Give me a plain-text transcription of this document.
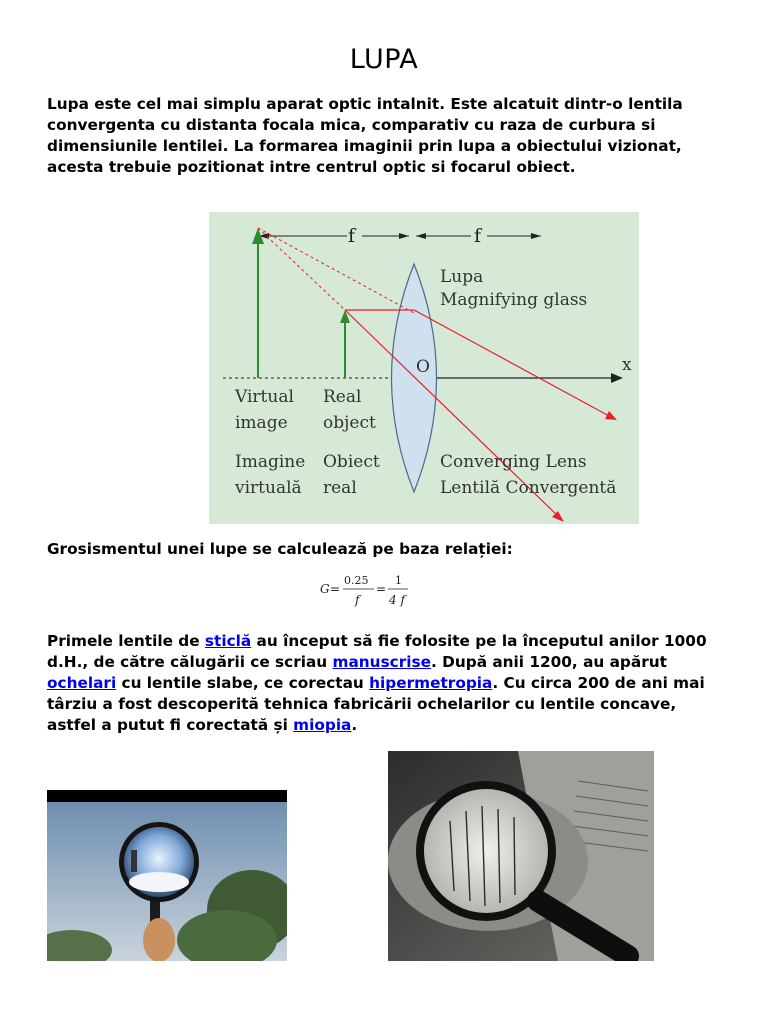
LUPA

Lupa este cel mai simplu aparat optic intalnit. Este alcatuit dintr-o lentila convergenta cu distanta focala mica, comparativ cu raza de curbura si dimensiunile lentilei. La formarea imaginii prin lupa a obiectului vizionat, acesta trebuie pozitionat intre centrul optic si focarul obiect.

f	f
Lupa
Magnifying glass
O	x
Virtual
image
Real
object
Imagine
virtuală
Obiect
real
Converging Lens
Lentilă Convergentă

Grosismentul unei lupe se calculează pe baza relației:

G =
0.25
f
=
1
4 f

Primele lentile de sticlă au început să fie folosite pe la începutul anilor 1000 d.H., de către călugării ce scriau manuscrise. După anii 1200, au apărut ochelari cu lentile slabe, ce corectau hipermetropia. Cu circa 200 de ani mai târziu a fost descoperită tehnica fabricării ochelarilor cu lentile concave, astfel a putut fi corectată și miopia.
